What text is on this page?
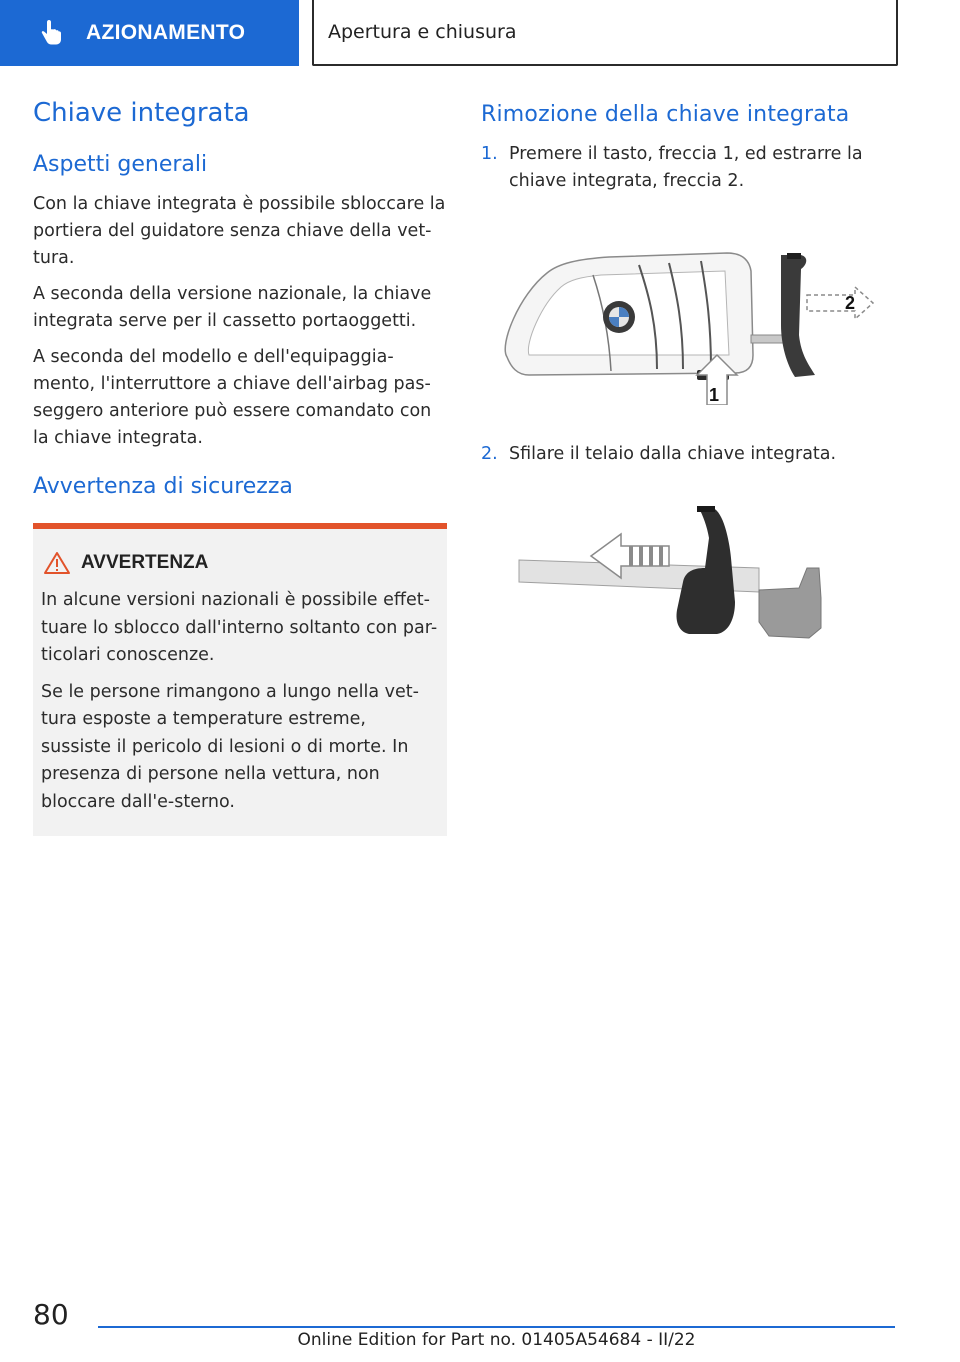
AZIONAMENTO	Apertura e chiusura
Chiave integrata
Aspetti generali

Con la chiave integrata è possibile sbloccare la portiera del guidatore senza chiave della vet-tura.

A seconda della versione nazionale, la chiave integrata serve per il cassetto portaoggetti.

A seconda del modello e dell'equipaggia-mento, l'interruttore a chiave dell'airbag pas-seggero anteriore può essere comandato con la chiave integrata.

Avvertenza di sicurezza
AVVERTENZA

In alcune versioni nazionali è possibile effet-tuare lo sblocco dall'interno soltanto con par-ticolari conoscenze.

Se le persone rimangono a lungo nella vet-tura esposte a temperature estreme, sussiste il pericolo di lesioni o di morte. In presenza di persone nella vettura, non bloccare dall'e-sterno.

Rimozione della chiave integrata
1. Premere il tasto, freccia 1, ed estrarre la chiave integrata, freccia 2.

2
1
2. Sfilare il telaio dalla chiave integrata.

80
Online Edition for Part no. 01405A54684 - II/22
